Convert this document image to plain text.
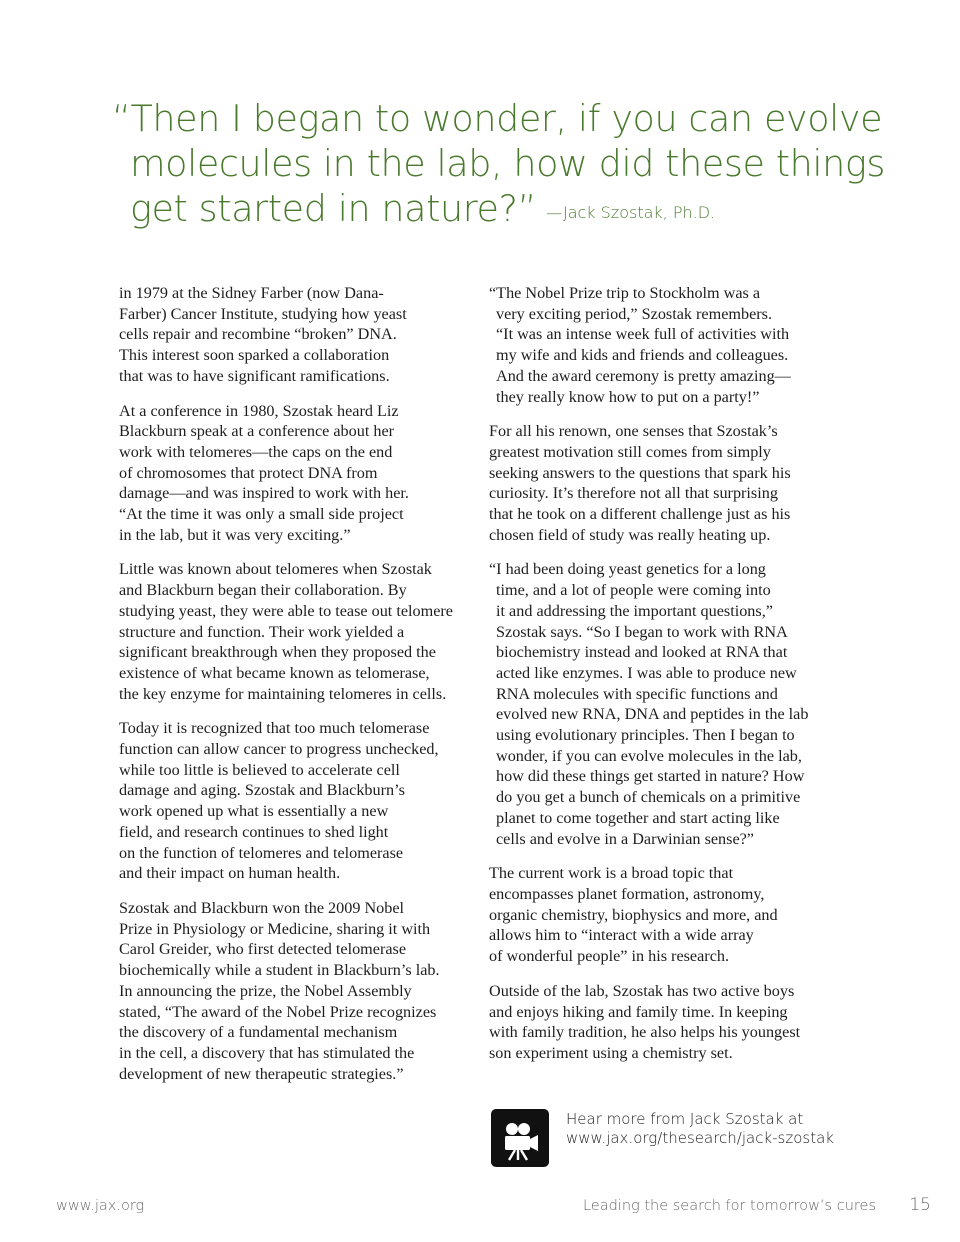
“Then I began to wonder, if you can evolve
molecules in the lab, how did these things
get started in nature?” —Jack Szostak, Ph.D.
in 1979 at the Sidney Farber (now Dana-
Farber) Cancer Institute, studying how yeast
cells repair and recombine “broken” DNA.
This interest soon sparked a collaboration
that was to have significant ramifications.
At a conference in 1980, Szostak heard Liz
Blackburn speak at a conference about her
work with telomeres—the caps on the end
of chromosomes that protect DNA from
damage—and was inspired to work with her.
“At the time it was only a small side project
in the lab, but it was very exciting.”
Little was known about telomeres when Szostak
and Blackburn began their collaboration. By
studying yeast, they were able to tease out telomere
structure and function. Their work yielded a
significant breakthrough when they proposed the
existence of what became known as telomerase,
the key enzyme for maintaining telomeres in cells.
Today it is recognized that too much telomerase
function can allow cancer to progress unchecked,
while too little is believed to accelerate cell
damage and aging. Szostak and Blackburn’s
work opened up what is essentially a new
field, and research continues to shed light
on the function of telomeres and telomerase
and their impact on human health.
Szostak and Blackburn won the 2009 Nobel
Prize in Physiology or Medicine, sharing it with
Carol Greider, who first detected telomerase
biochemically while a student in Blackburn’s lab.
In announcing the prize, the Nobel Assembly
stated, “The award of the Nobel Prize recognizes
the discovery of a fundamental mechanism
in the cell, a discovery that has stimulated the
development of new therapeutic strategies.”
“The Nobel Prize trip to Stockholm was a
very exciting period,” Szostak remembers.
“It was an intense week full of activities with
my wife and kids and friends and colleagues.
And the award ceremony is pretty amazing—
they really know how to put on a party!”
For all his renown, one senses that Szostak’s
greatest motivation still comes from simply
seeking answers to the questions that spark his
curiosity. It’s therefore not all that surprising
that he took on a different challenge just as his
chosen field of study was really heating up.
“I had been doing yeast genetics for a long
time, and a lot of people were coming into
it and addressing the important questions,”
Szostak says. “So I began to work with RNA
biochemistry instead and looked at RNA that
acted like enzymes. I was able to produce new
RNA molecules with specific functions and
evolved new RNA, DNA and peptides in the lab
using evolutionary principles. Then I began to
wonder, if you can evolve molecules in the lab,
how did these things get started in nature? How
do you get a bunch of chemicals on a primitive
planet to come together and start acting like
cells and evolve in a Darwinian sense?”
The current work is a broad topic that
encompasses planet formation, astronomy,
organic chemistry, biophysics and more, and
allows him to “interact with a wide array
of wonderful people” in his research.
Outside of the lab, Szostak has two active boys
and enjoys hiking and family time. In keeping
with family tradition, he also helps his youngest
son experiment using a chemistry set.
Hear more from Jack Szostak at
www.jax.org/thesearch/jack-szostak
www.jax.org	Leading the search for tomorrow’s cures 15
